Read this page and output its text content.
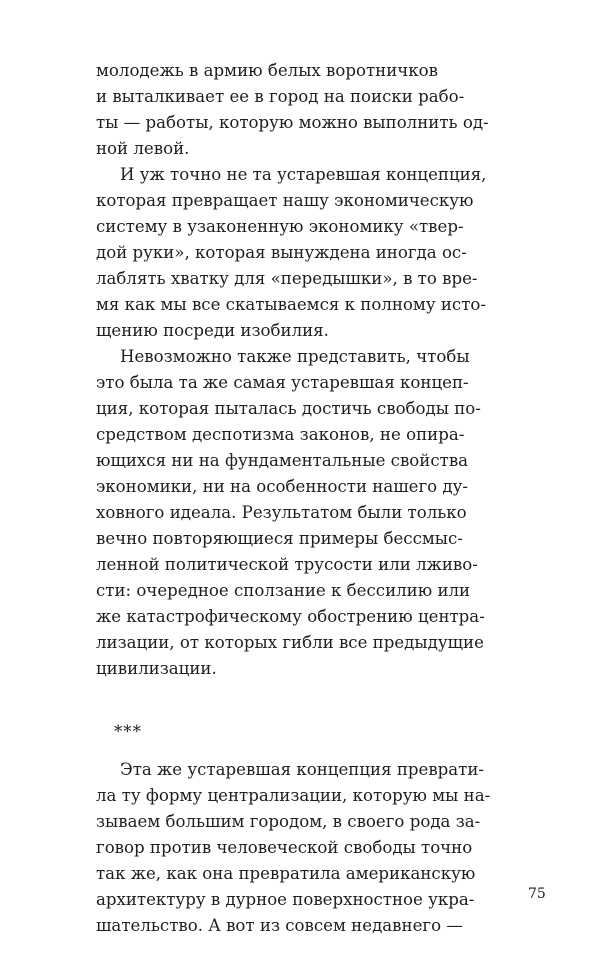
молодежь в армию белых воротничков
и выталкивает ее в город на поиски рабо-
ты — работы, которую можно выполнить од-
ной левой.
И уж точно не та устаревшая концепция,
которая превращает нашу экономическую
систему в узаконенную экономику «твер-
дой руки», которая вынуждена иногда ос-
лаблять хватку для «передышки», в то вре-
мя как мы все скатываемся к полному исто-
щению посреди изобилия.
Невозможно также представить, чтобы
это была та же самая устаревшая концеп-
ция, которая пыталась достичь свободы по-
средством деспотизма законов, не опира-
ющихся ни на фундаментальные свойства
экономики, ни на особенности нашего ду-
ховного идеала. Результатом были только
вечно повторяющиеся примеры бессмыс-
ленной политической трусости или лживо-
сти: очередное сползание к бессилию или
же катастрофическому обострению центра-
лизации, от которых гибли все предыдущие
цивилизации.
***
Эта же устаревшая концепция преврати-
ла ту форму централизации, которую мы на-
зываем большим городом, в своего рода за-
говор против человеческой свободы точно
так же, как она превратила американскую
архитектуру в дурное поверхностное укра-
шательство. А вот из совсем недавнего —
75
